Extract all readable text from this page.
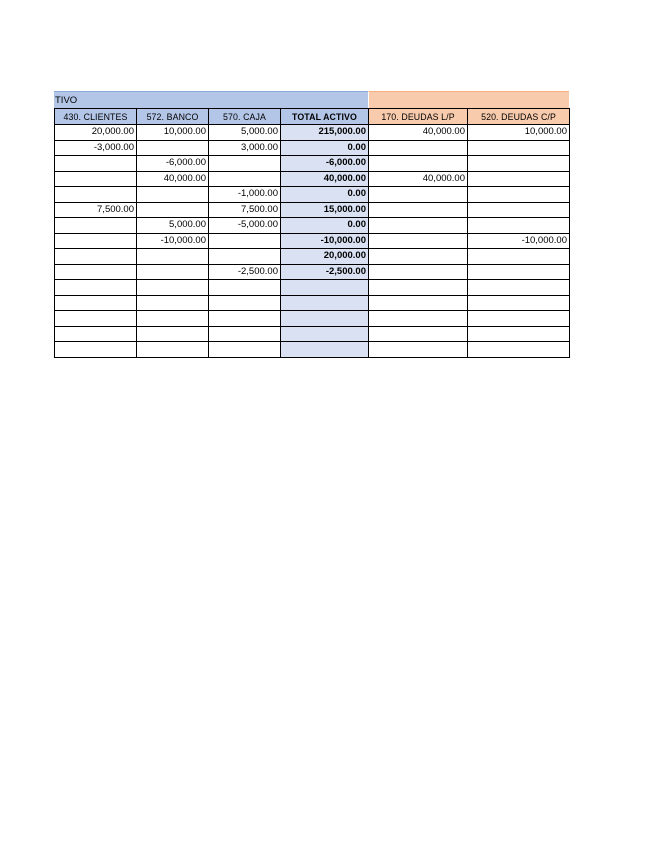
TIVO
430. CLIENTES	572. BANCO	570. CAJA	TOTAL ACTIVO	170. DEUDAS L/P	520. DEUDAS C/P
20,000.00	10,000.00	5,000.00	215,000.00	40,000.00	10,000.00
-3,000.00		3,000.00	0.00		
	-6,000.00		-6,000.00		
	40,000.00		40,000.00	40,000.00	
		-1,000.00	0.00		
7,500.00		7,500.00	15,000.00		
	5,000.00	-5,000.00	0.00		
	-10,000.00		-10,000.00		-10,000.00
			20,000.00		
		-2,500.00	-2,500.00		
